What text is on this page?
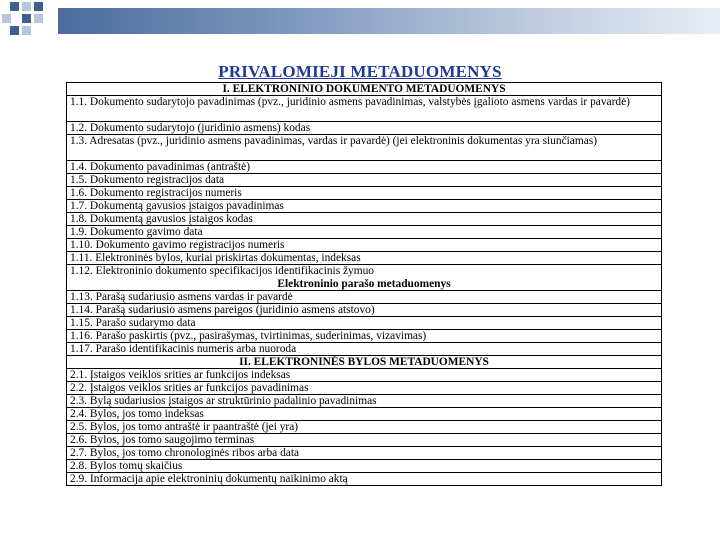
PRIVALOMIEJI METADUOMENYS
I. ELEKTRONINIO DOKUMENTO METADUOMENYS
1.1. Dokumento sudarytojo pavadinimas (pvz., juridinio asmens pavadinimas, valstybės įgalioto asmens vardas ir pavardė)
1.2. Dokumento sudarytojo (juridinio asmens) kodas
1.3. Adresatas (pvz., juridinio asmens pavadinimas, vardas ir pavardė) (jei elektroninis dokumentas yra siunčiamas)
1.4. Dokumento pavadinimas (antraštė)
1.5. Dokumento registracijos data
1.6. Dokumento registracijos numeris
1.7. Dokumentą gavusios įstaigos pavadinimas
1.8. Dokumentą gavusios įstaigos kodas
1.9. Dokumento gavimo data
1.10. Dokumento gavimo registracijos numeris
1.11. Elektroninės bylos, kuriai priskirtas dokumentas, indeksas
1.12. Elektroninio dokumento specifikacijos identifikacinis žymuo
Elektroninio parašo metaduomenys
1.13. Parašą sudariusio asmens vardas ir pavardė
1.14. Parašą sudariusio asmens pareigos (juridinio asmens atstovo)
1.15. Parašo sudarymo data
1.16. Parašo paskirtis (pvz., pasirašymas, tvirtinimas, suderinimas, vizavimas)
1.17. Parašo identifikacinis numeris arba nuoroda
II. ELEKTRONINĖS BYLOS METADUOMENYS
2.1. Įstaigos veiklos srities ar funkcijos indeksas
2.2. Įstaigos veiklos srities ar funkcijos pavadinimas
2.3. Bylą sudariusios įstaigos ar struktūrinio padalinio pavadinimas
2.4. Bylos, jos tomo indeksas
2.5. Bylos, jos tomo antraštė ir paantraštė (jei yra)
2.6. Bylos, jos tomo saugojimo terminas
2.7. Bylos, jos tomo chronologinės ribos arba data
2.8. Bylos tomų skaičius
2.9. Informacija apie elektroninių dokumentų naikinimo aktą
